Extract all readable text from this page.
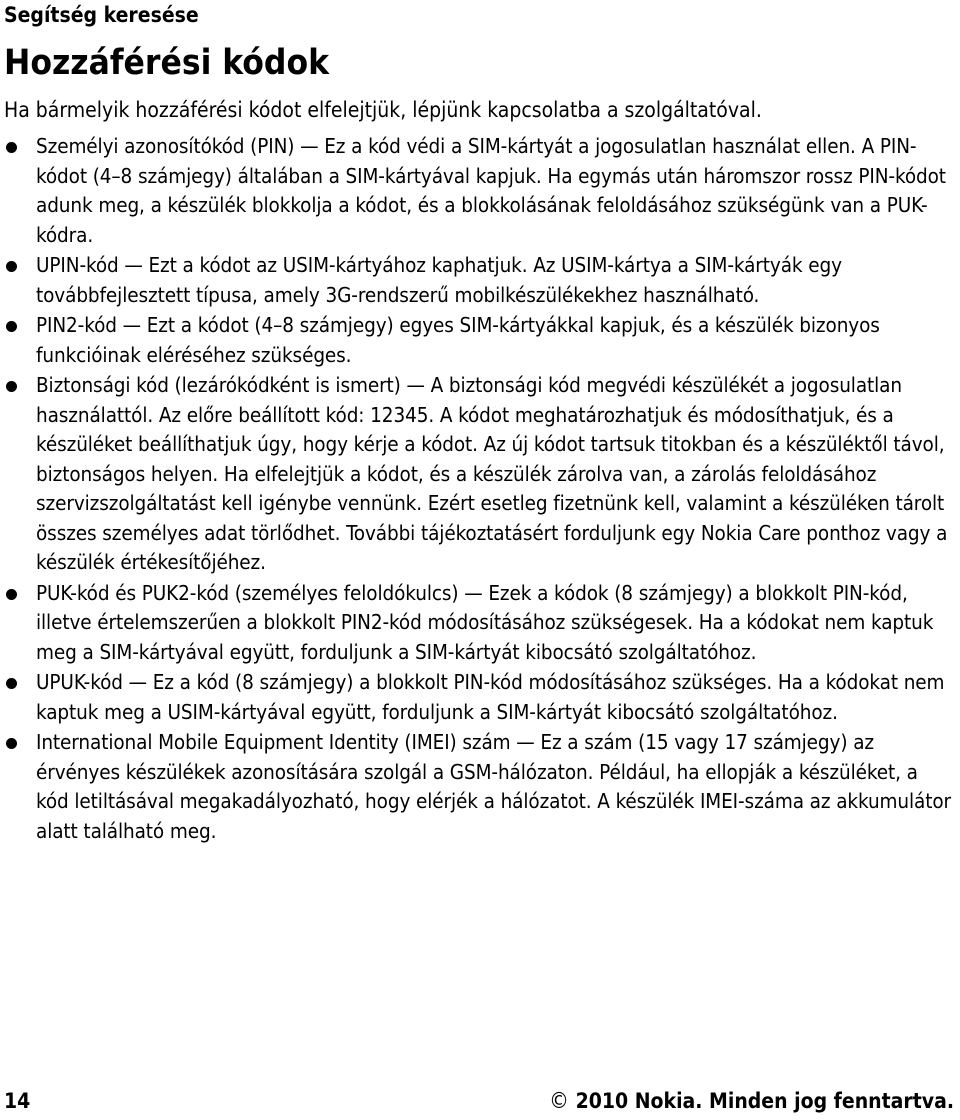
Segítség keresése
Hozzáférési kódok
Ha bármelyik hozzáférési kódot elfelejtjük, lépjünk kapcsolatba a szolgáltatóval.
Személyi azonosítókód (PIN) — Ez a kód védi a SIM-kártyát a jogosulatlan használat ellen. A PIN-kódot (4–8 számjegy) általában a SIM-kártyával kapjuk. Ha egymás után háromszor rossz PIN-kódot adunk meg, a készülék blokkolja a kódot, és a blokkolásának feloldásához szükségünk van a PUK-kódra.
UPIN-kód — Ezt a kódot az USIM-kártyához kaphatjuk. Az USIM-kártya a SIM-kártyák egy továbbfejlesztett típusa, amely 3G-rendszerű mobilkészülékekhez használható.
PIN2-kód — Ezt a kódot (4–8 számjegy) egyes SIM-kártyákkal kapjuk, és a készülék bizonyos funkcióinak eléréséhez szükséges.
Biztonsági kód (lezárókódként is ismert) — A biztonsági kód megvédi készülékét a jogosulatlan használattól. Az előre beállított kód: 12345. A kódot meghatározhatjuk és módosíthatjuk, és a készüléket beállíthatjuk úgy, hogy kérje a kódot. Az új kódot tartsuk titokban és a készüléktől távol, biztonságos helyen. Ha elfelejtjük a kódot, és a készülék zárolva van, a zárolás feloldásához szervizszolgáltatást kell igénybe vennünk. Ezért esetleg fizetnünk kell, valamint a készüléken tárolt összes személyes adat törlődhet. További tájékoztatásért forduljunk egy Nokia Care ponthoz vagy a készülék értékesítőjéhez.
PUK-kód és PUK2-kód (személyes feloldókulcs) — Ezek a kódok (8 számjegy) a blokkolt PIN-kód, illetve értelemszerűen a blokkolt PIN2-kód módosításához szükségesek. Ha a kódokat nem kaptuk meg a SIM-kártyával együtt, forduljunk a SIM-kártyát kibocsátó szolgáltatóhoz.
UPUK-kód — Ez a kód (8 számjegy) a blokkolt PIN-kód módosításához szükséges. Ha a kódokat nem kaptuk meg a USIM-kártyával együtt, forduljunk a SIM-kártyát kibocsátó szolgáltatóhoz.
International Mobile Equipment Identity (IMEI) szám — Ez a szám (15 vagy 17 számjegy) az érvényes készülékek azonosítására szolgál a GSM-hálózaton. Például, ha ellopják a készüléket, a kód letiltásával megakadályozható, hogy elérjék a hálózatot. A készülék IMEI-száma az akkumulátor alatt található meg.
14	© 2010 Nokia. Minden jog fenntartva.
